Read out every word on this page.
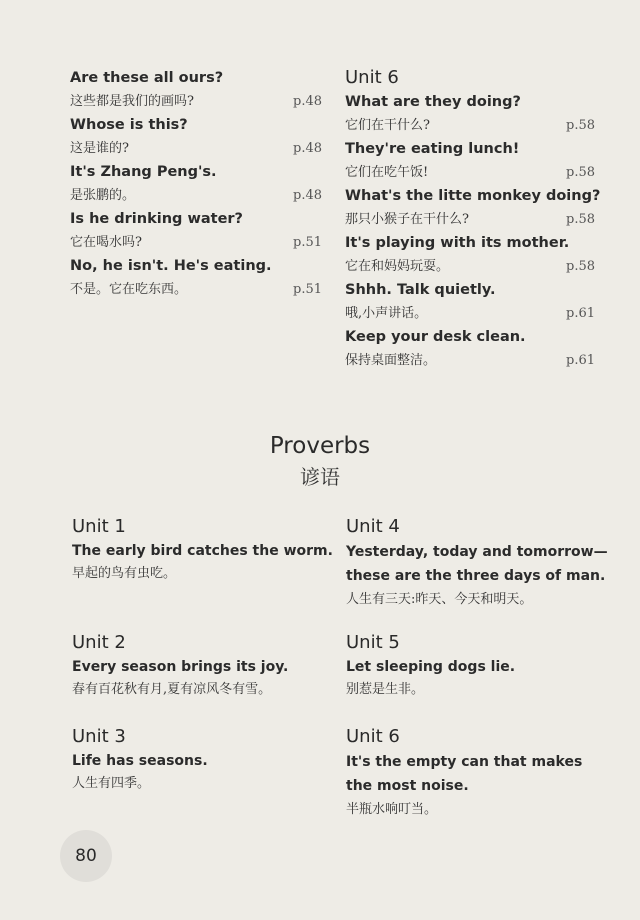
Are these all ours?
这些都是我们的画吗?	p.48
Whose is this?
这是谁的?	p.48
It's Zhang Peng's.
是张鹏的。	p.48
Is he drinking water?
它在喝水吗?	p.51
No, he isn't. He's eating.
不是。它在吃东西。	p.51
Unit 6
What are they doing?
它们在干什么?	p.58
They're eating lunch!
它们在吃午饭!	p.58
What's the litte monkey doing?
那只小猴子在干什么?	p.58
It's playing with its mother.
它在和妈妈玩耍。	p.58
Shhh. Talk quietly.
哦,小声讲话。	p.61
Keep your desk clean.
保持桌面整洁。	p.61
Proverbs
谚语
Unit 1
The early bird catches the worm.
早起的鸟有虫吃。
Unit 4
Yesterday, today and tomorrow—these are the three days of man.
人生有三天:昨天、今天和明天。
Unit 2
Every season brings its joy.
春有百花秋有月,夏有凉风冬有雪。
Unit 5
Let sleeping dogs lie.
别惹是生非。
Unit 3
Life has seasons.
人生有四季。
Unit 6
It's the empty can that makes the most noise.
半瓶水响叮当。
80
